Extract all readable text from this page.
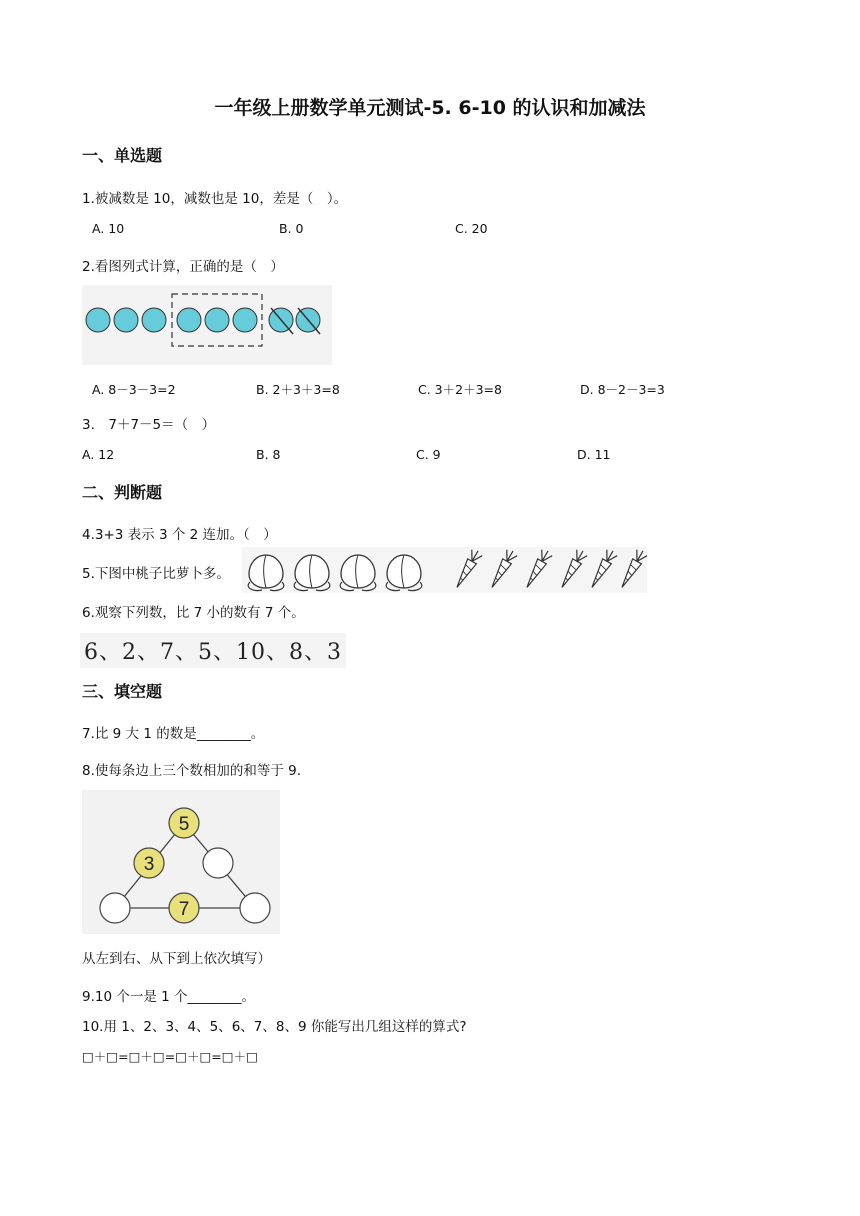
一年级上册数学单元测试-5. 6-10 的认识和加减法
一、单选题
1.被减数是 10，减数也是 10，差是（　）。
A. 10	B. 0	C. 20
2.看图列式计算，正确的是（　）
A. 8－3－3=2	B. 2＋3＋3=8	C. 3＋2＋3=8	D. 8－2－3=3
3.　7＋7－5＝（　）
A. 12	B. 8	C. 9	D. 11
二、判断题
4.3+3 表示 3 个 2 连加。（　）
5.下图中桃子比萝卜多。
6.观察下列数，比 7 小的数有 7 个。
6、2、7、5、10、8、3
三、填空题
7.比 9 大 1 的数是________。
8.使每条边上三个数相加的和等于 9.
5
3
7
从左到右、从下到上依次填写）
9.10 个一是 1 个________。
10.用 1、2、3、4、5、6、7、8、9 你能写出几组这样的算式?
□＋□=□＋□=□＋□=□＋□
